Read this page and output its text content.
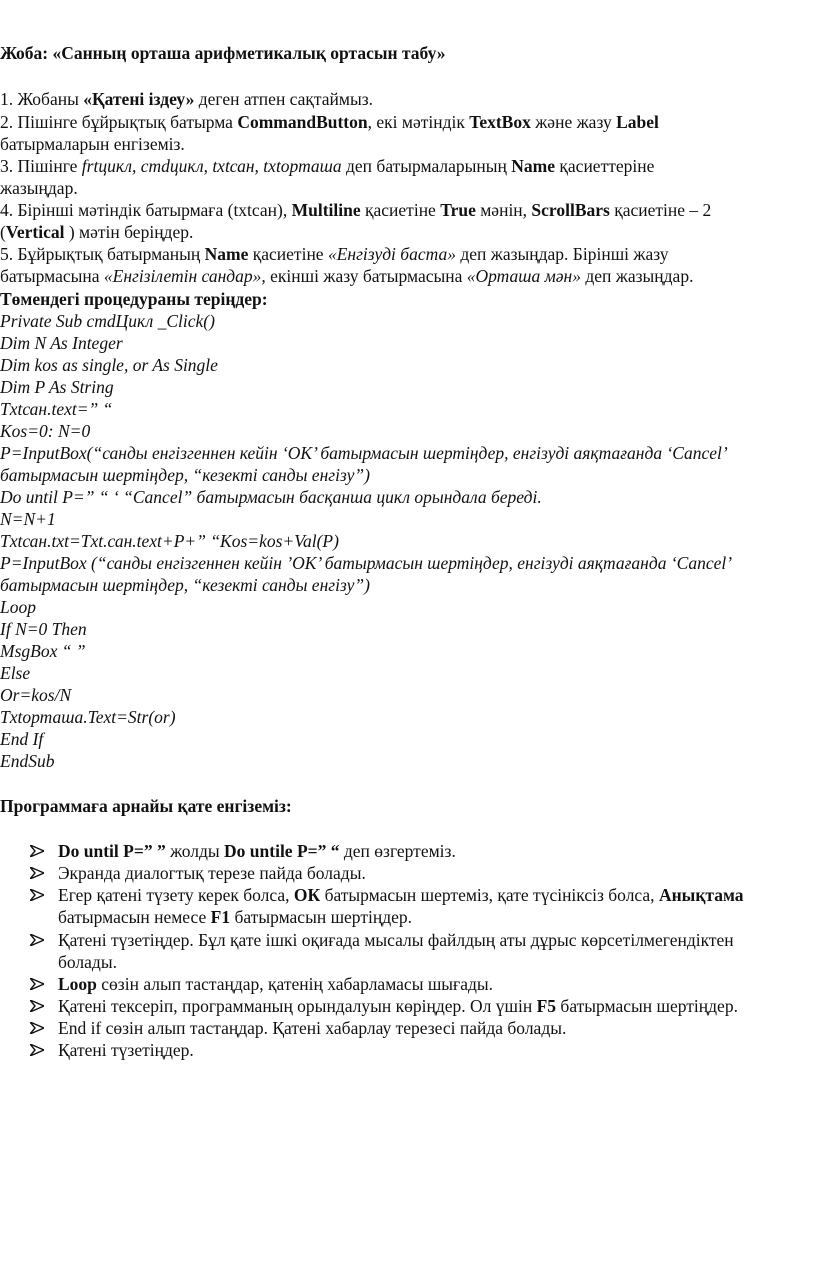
Жоба: «Санның орташа арифметикалық ортасын табу»
1. Жобаны «Қатені іздеу» деген атпен сақтаймыз.
2. Пішінге бұйрықтық батырма CommandButton, екі мәтіндік TextBox және жазу Label
батырмаларын енгіземіз.
3. Пішінге frtцикл, cmdцикл, txtсан, txtорташа деп батырмаларының Name қасиеттеріне
жазыңдар.
4. Бірінші мәтіндік батырмаға (txtсан), Multiline қасиетіне True мәнін, ScrollBars қасиетіне – 2
(Vertical ) мәтін беріңдер.
5. Бұйрықтық батырманың Name қасиетіне «Енгізуді баста» деп жазыңдар. Бірінші жазу
батырмасына «Енгізілетін сандар», екінші жазу батырмасына «Орташа мән» деп жазыңдар.
Төмендегі процедураны теріңдер:
Private Sub cmdЦикл _Click()
Dim N As Integer
Dim kos as single, or As Single
Dim P As String
Txtсан.text=” “
Kos=0: N=0
P=InputBox(“санды енгізгеннен кейін ‘OK’ батырмасын шертіңдер, енгізуді аяқтағанда ‘Cancel’
батырмасын шертіңдер, “кезекті санды енгізу”)
Do until P=” “ ‘ “Cancel” батырмасын басқанша цикл орындала береді.
N=N+1
Txtсан.txt=Txt.сан.text+P+” “Kos=kos+Val(P)
P=InputBox (“санды енгізгеннен кейін ’OK’ батырмасын шертіңдер, енгізуді аяқтағанда ‘Cancel’
батырмасын шертіңдер, “кезекті санды енгізу”)
Loop
If N=0 Then
MsgBox “ ”
Else
Or=kos/N
Txtорташа.Text=Str(or)
End If
EndSub
Программаға арнайы қате енгіземіз:
Do until P=” ” жолды Do untile P=” “ деп өзгертеміз.
Экранда диалогтық терезе пайда болады.
Егер қатені түзету керек болса, ОК батырмасын шертеміз, қате түсініксіз болса, Анықтама
батырмасын немесе F1 батырмасын шертіңдер.
Қатені түзетіңдер. Бұл қате ішкі оқиғада мысалы файлдың аты дұрыс көрсетілмегендіктен
болады.
Loop сөзін алып тастаңдар, қатенің хабарламасы шығады.
Қатені тексеріп, программаның орындалуын көріңдер. Ол үшін F5 батырмасын шертіңдер.
End if сөзін алып тастаңдар. Қатені хабарлау терезесі пайда болады.
Қатені түзетіңдер.
